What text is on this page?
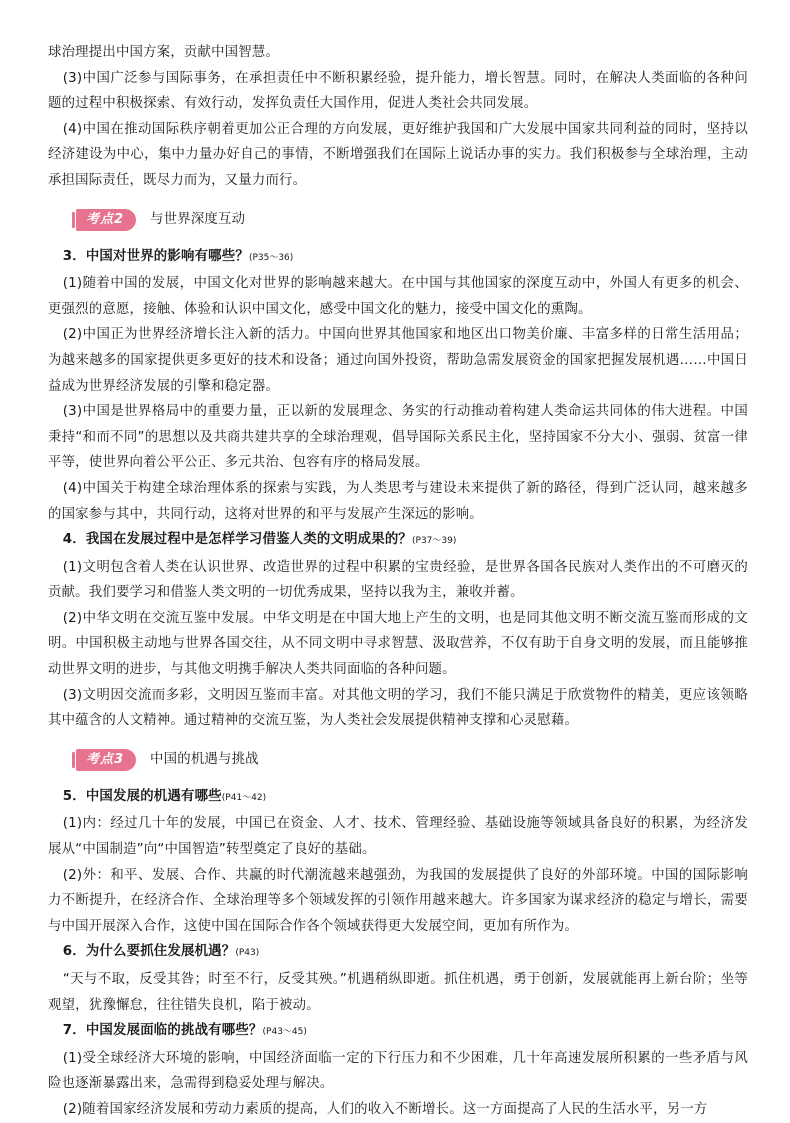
球治理提出中国方案，贡献中国智慧。

(3)中国广泛参与国际事务，在承担责任中不断积累经验，提升能力，增长智慧。同时，在解决人类面临的各种问题的过程中积极探索、有效行动，发挥负责任大国作用，促进人类社会共同发展。

(4)中国在推动国际秩序朝着更加公正合理的方向发展，更好维护我国和广大发展中国家共同利益的同时，坚持以经济建设为中心，集中力量办好自己的事情，不断增强我们在国际上说话办事的实力。我们积极参与全球治理，主动承担国际责任，既尽力而为，又量力而行。

考点2	与世界深度互动

3．中国对世界的影响有哪些？(P35～36)

(1)随着中国的发展，中国文化对世界的影响越来越大。在中国与其他国家的深度互动中，外国人有更多的机会、更强烈的意愿，接触、体验和认识中国文化，感受中国文化的魅力，接受中国文化的熏陶。

(2)中国正为世界经济增长注入新的活力。中国向世界其他国家和地区出口物美价廉、丰富多样的日常生活用品；为越来越多的国家提供更多更好的技术和设备；通过向国外投资，帮助急需发展资金的国家把握发展机遇……中国日益成为世界经济发展的引擎和稳定器。

(3)中国是世界格局中的重要力量，正以新的发展理念、务实的行动推动着构建人类命运共同体的伟大进程。中国秉持“和而不同”的思想以及共商共建共享的全球治理观，倡导国际关系民主化，坚持国家不分大小、强弱、贫富一律平等，使世界向着公平公正、多元共治、包容有序的格局发展。

(4)中国关于构建全球治理体系的探索与实践，为人类思考与建设未来提供了新的路径，得到广泛认同，越来越多的国家参与其中，共同行动，这将对世界的和平与发展产生深远的影响。

4．我国在发展过程中是怎样学习借鉴人类的文明成果的？(P37～39)

(1)文明包含着人类在认识世界、改造世界的过程中积累的宝贵经验，是世界各国各民族对人类作出的不可磨灭的贡献。我们要学习和借鉴人类文明的一切优秀成果，坚持以我为主，兼收并蓄。

(2)中华文明在交流互鉴中发展。中华文明是在中国大地上产生的文明，也是同其他文明不断交流互鉴而形成的文明。中国积极主动地与世界各国交往，从不同文明中寻求智慧、汲取营养，不仅有助于自身文明的发展，而且能够推动世界文明的进步，与其他文明携手解决人类共同面临的各种问题。

(3)文明因交流而多彩，文明因互鉴而丰富。对其他文明的学习，我们不能只满足于欣赏物件的精美，更应该领略其中蕴含的人文精神。通过精神的交流互鉴，为人类社会发展提供精神支撑和心灵慰藉。

考点3	中国的机遇与挑战

5．中国发展的机遇有哪些(P41～42)

(1)内：经过几十年的发展，中国已在资金、人才、技术、管理经验、基础设施等领域具备良好的积累，为经济发展从“中国制造”向“中国智造”转型奠定了良好的基础。

(2)外：和平、发展、合作、共赢的时代潮流越来越强劲，为我国的发展提供了良好的外部环境。中国的国际影响力不断提升，在经济合作、全球治理等多个领域发挥的引领作用越来越大。许多国家为谋求经济的稳定与增长，需要与中国开展深入合作，这使中国在国际合作各个领域获得更大发展空间，更加有所作为。

6．为什么要抓住发展机遇？(P43)

“天与不取，反受其咎；时至不行，反受其殃。”机遇稍纵即逝。抓住机遇，勇于创新，发展就能再上新台阶；坐等观望，犹豫懈怠，往往错失良机，陷于被动。

7．中国发展面临的挑战有哪些？(P43～45)

(1)受全球经济大环境的影响，中国经济面临一定的下行压力和不少困难，几十年高速发展所积累的一些矛盾与风险也逐渐暴露出来，急需得到稳妥处理与解决。

(2)随着国家经济发展和劳动力素质的提高，人们的收入不断增长。这一方面提高了人民的生活水平，另一方
